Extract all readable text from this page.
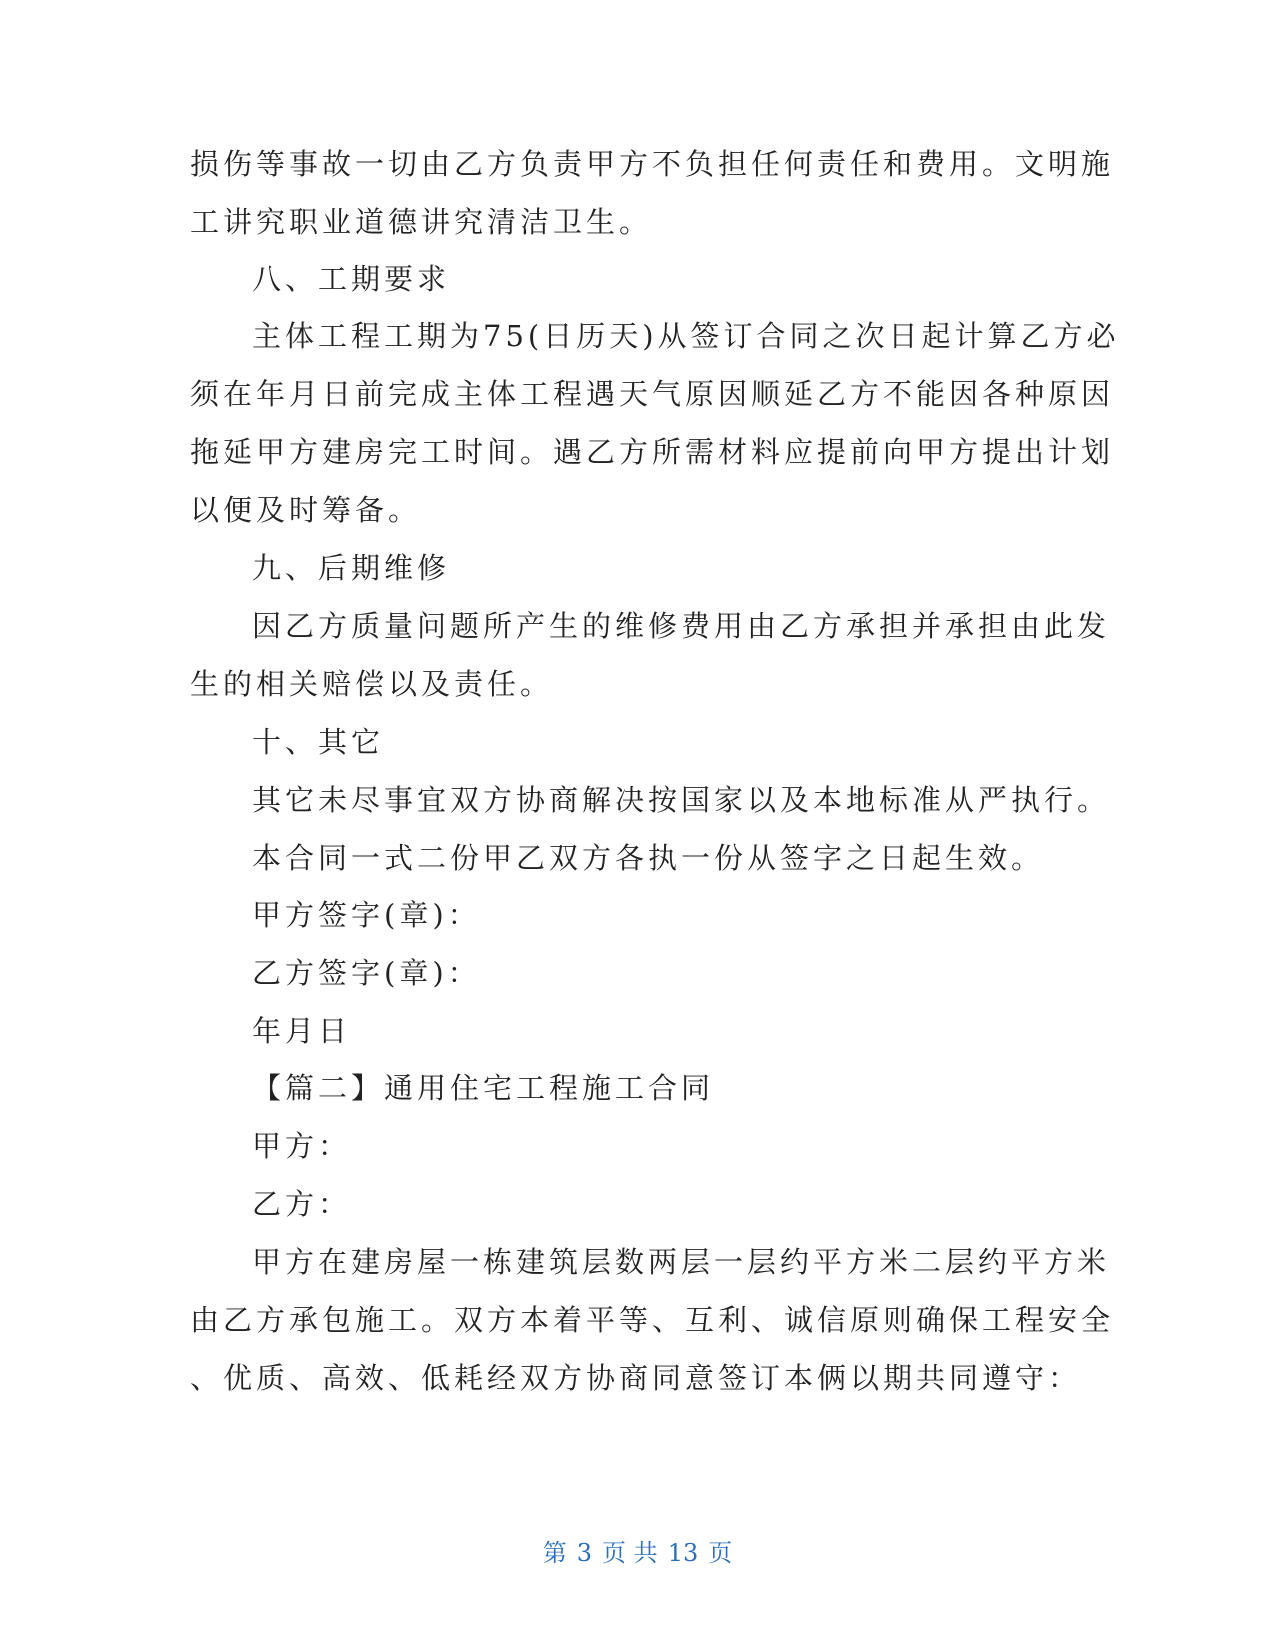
损伤等事故一切由乙方负责甲方不负担任何责任和费用。文明施
工讲究职业道德讲究清洁卫生。
八、工期要求
主体工程工期为75(日历天)从签订合同之次日起计算乙方必
须在年月日前完成主体工程遇天气原因顺延乙方不能因各种原因
拖延甲方建房完工时间。遇乙方所需材料应提前向甲方提出计划
以便及时筹备。
九、后期维修
因乙方质量问题所产生的维修费用由乙方承担并承担由此发
生的相关赔偿以及责任。
十、其它
其它未尽事宜双方协商解决按国家以及本地标准从严执行。
本合同一式二份甲乙双方各执一份从签字之日起生效。
甲方签字(章)：
乙方签字(章)：
年月日
【篇二】通用住宅工程施工合同
甲方：
乙方：
甲方在建房屋一栋建筑层数两层一层约平方米二层约平方米
由乙方承包施工。双方本着平等、互利、诚信原则确保工程安全
、优质、高效、低耗经双方协商同意签订本俩以期共同遵守：
第 3 页 共 13 页
